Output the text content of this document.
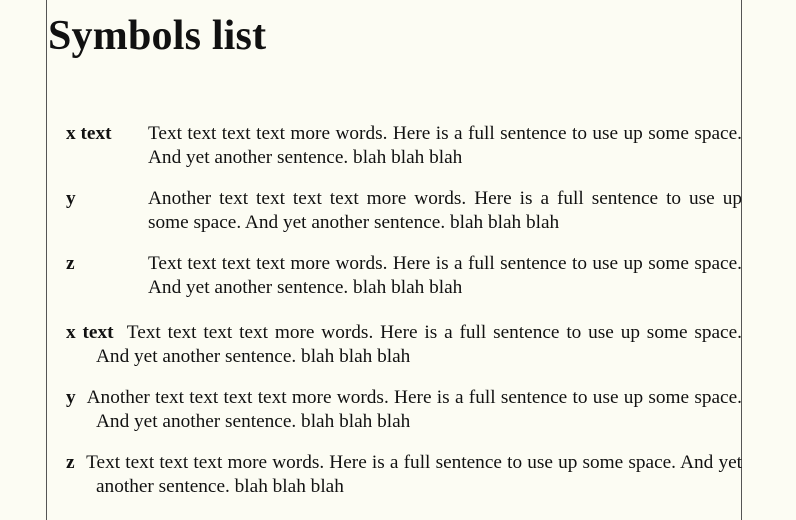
Symbols list
x text Text text text text more words. Here is a full sentence to use up some space. And yet another sentence. blah blah blah
y	Another text text text text more words. Here is a full sentence to use up some space. And yet another sentence. blah blah blah
z	Text text text text more words. Here is a full sentence to use up some space. And yet another sentence. blah blah blah
x text Text text text text more words. Here is a full sentence to use up some space. And yet another sentence. blah blah blah
y Another text text text text more words. Here is a full sentence to use up some space. And yet another sentence. blah blah blah
z Text text text text more words. Here is a full sentence to use up some space. And yet another sentence. blah blah blah
